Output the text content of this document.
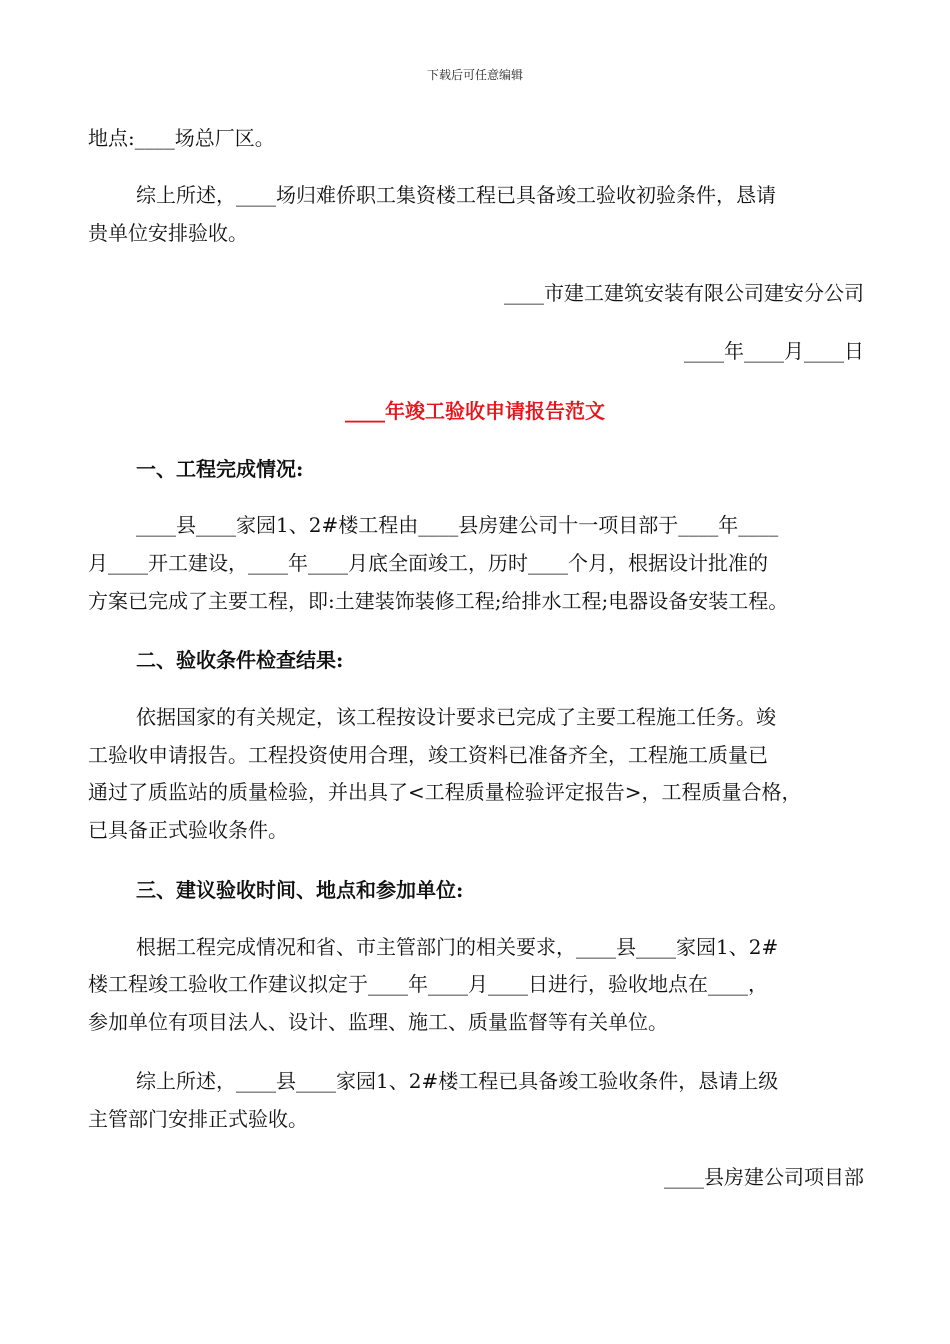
下载后可任意编辑
地点:____场总厂区。
综上所述，____场归难侨职工集资楼工程已具备竣工验收初验条件，恳请
贵单位安排验收。
____市建工建筑安装有限公司建安分公司
____年____月____日
____年竣工验收申请报告范文
一、工程完成情况:
____县____家园1、2#楼工程由____县房建公司十一项目部于____年____
月____开工建设，____年____月底全面竣工，历时____个月，根据设计批准的
方案已完成了主要工程，即:土建装饰装修工程;给排水工程;电器设备安装工程。
二、验收条件检查结果:
依据国家的有关规定，该工程按设计要求已完成了主要工程施工任务。竣
工验收申请报告。工程投资使用合理，竣工资料已准备齐全，工程施工质量已
通过了质监站的质量检验，并出具了<工程质量检验评定报告>，工程质量合格，
已具备正式验收条件。
三、建议验收时间、地点和参加单位:
根据工程完成情况和省、市主管部门的相关要求，____县____家园1、2#
楼工程竣工验收工作建议拟定于____年____月____日进行，验收地点在____，
参加单位有项目法人、设计、监理、施工、质量监督等有关单位。
综上所述，____县____家园1、2#楼工程已具备竣工验收条件，恳请上级
主管部门安排正式验收。
____县房建公司项目部
